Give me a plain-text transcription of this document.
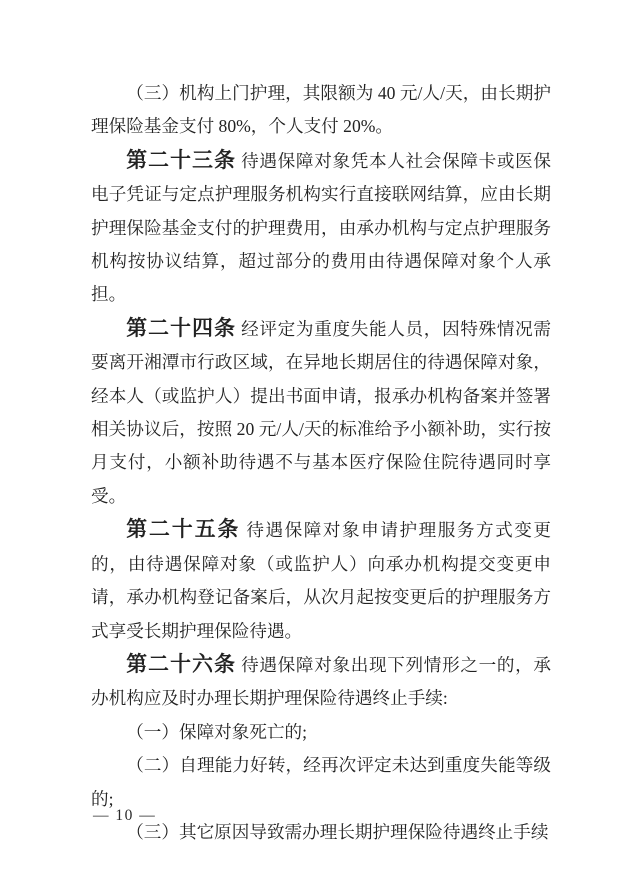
（三）机构上门护理，其限额为 40 元/人/天，由长期护理保险基金支付 80%，个人支付 20%。

第二十三条 待遇保障对象凭本人社会保障卡或医保电子凭证与定点护理服务机构实行直接联网结算，应由长期护理保险基金支付的护理费用，由承办机构与定点护理服务机构按协议结算，超过部分的费用由待遇保障对象个人承担。

第二十四条 经评定为重度失能人员，因特殊情况需要离开湘潭市行政区域，在异地长期居住的待遇保障对象，经本人（或监护人）提出书面申请，报承办机构备案并签署相关协议后，按照 20 元/人/天的标准给予小额补助，实行按月支付，小额补助待遇不与基本医疗保险住院待遇同时享受。

第二十五条 待遇保障对象申请护理服务方式变更的，由待遇保障对象（或监护人）向承办机构提交变更申请，承办机构登记备案后，从次月起按变更后的护理服务方式享受长期护理保险待遇。

第二十六条 待遇保障对象出现下列情形之一的，承办机构应及时办理长期护理保险待遇终止手续:

（一）保障对象死亡的;

（二）自理能力好转，经再次评定未达到重度失能等级的;

（三）其它原因导致需办理长期护理保险待遇终止手续

— 10 —
